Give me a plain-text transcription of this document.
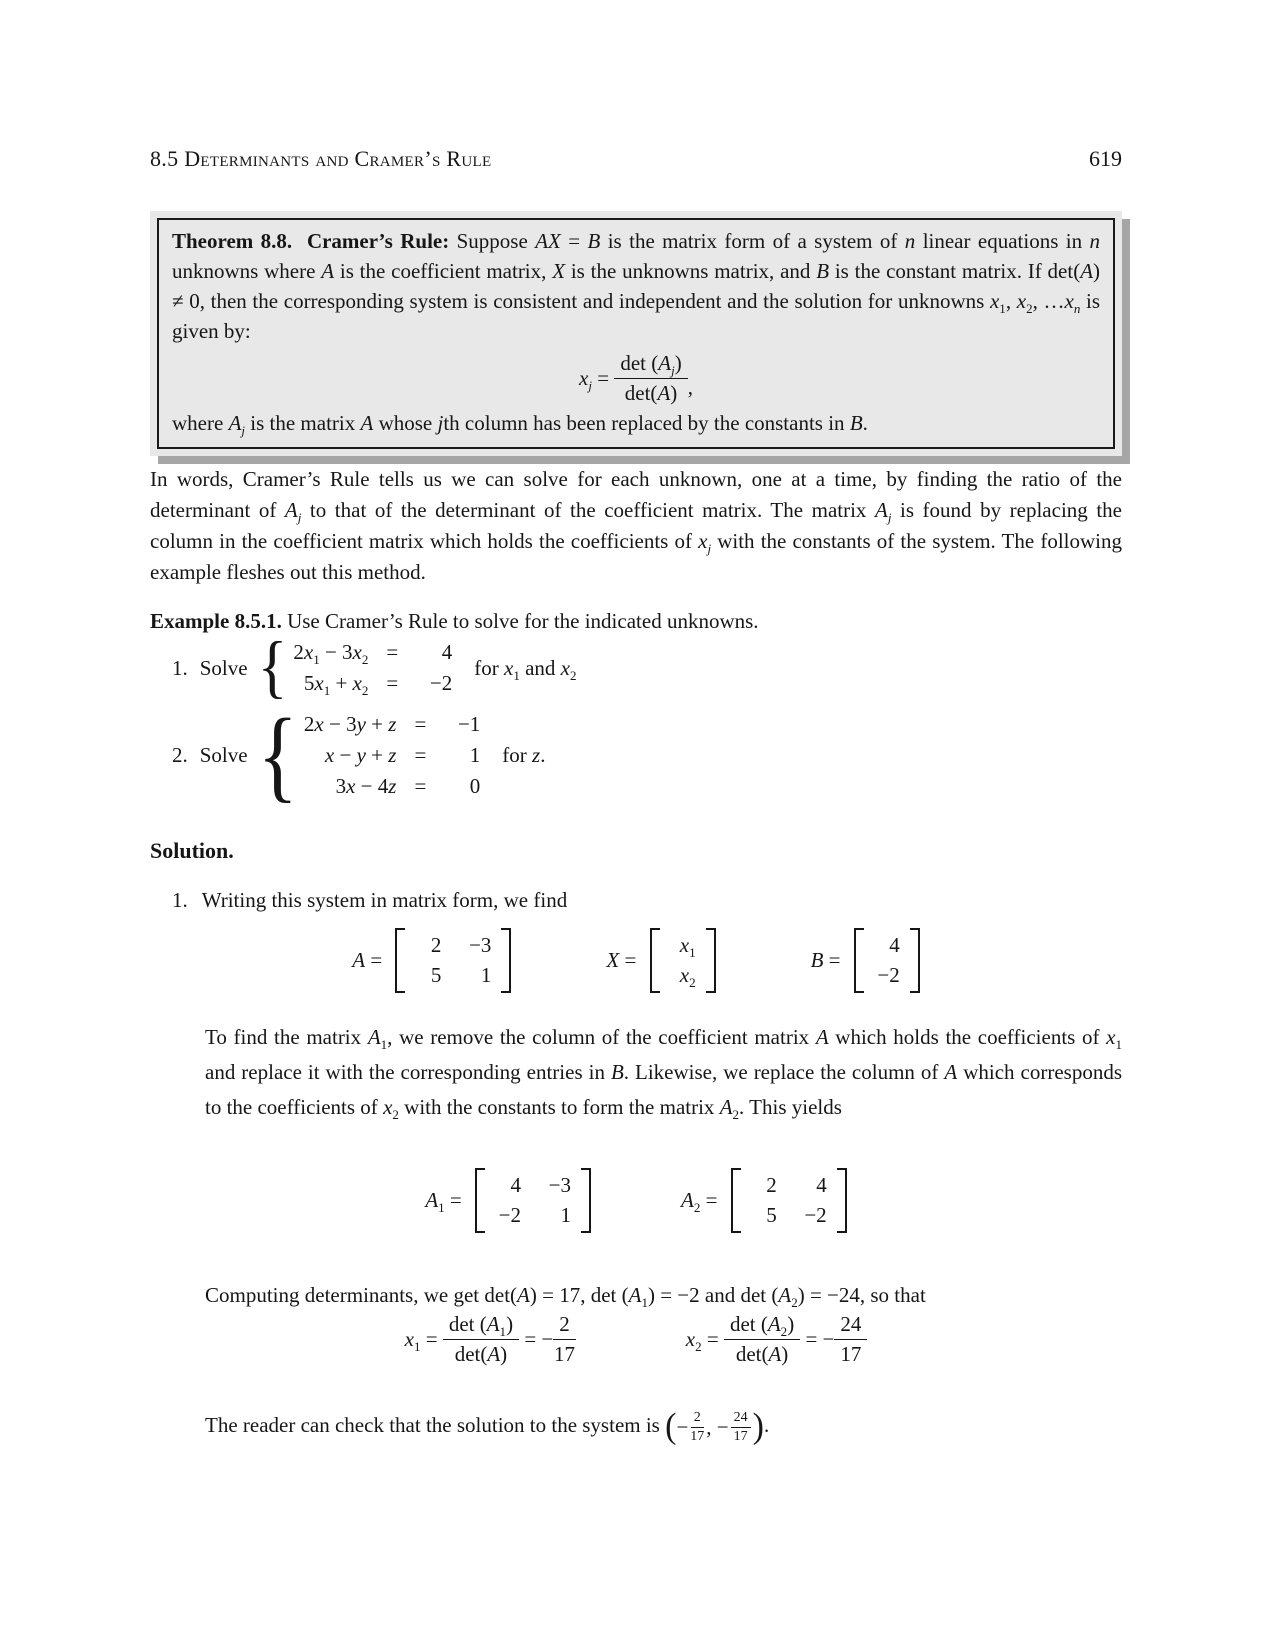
8.5 Determinants and Cramer’s Rule	619
Theorem 8.8.  Cramer’s Rule: Suppose AX = B is the matrix form of a system of n linear equations in n unknowns where A is the coefficient matrix, X is the unknowns matrix, and B is the constant matrix. If det(A) ≠ 0, then the corresponding system is consistent and independent and the solution for unknowns $x_1$, $x_2$, $\dots x_n$ is given by:
$x_j = \frac{\det (A_j)}{\det(A)}$ ,
where $A_j$ is the matrix A whose jth column has been replaced by the constants in B.
In words, Cramer’s Rule tells us we can solve for each unknown, one at a time, by finding the ratio of the determinant of $A_j$ to that of the determinant of the coefficient matrix. The matrix $A_j$ is found by replacing the column in the coefficient matrix which holds the coefficients of $x_j$ with the constants of the system. The following example fleshes out this method.
Example 8.5.1. Use Cramer’s Rule to solve for the indicated unknowns.
1. Solve { $2x_1 - 3x_2$ =	4
$5x_1 + x_2$ =	−2
for $x_1$ and $x_2$
2. Solve { 2x − 3y + z =	−1
x − y + z =	1
3x − 4z =	0
for z.
Solution.
1. Writing this system in matrix form, we find
A =
2 −3
5	1
X =
$x_1$
$x_2$
B =
4
−2
To find the matrix $A_1$, we remove the column of the coefficient matrix A which holds the coefficients of $x_1$ and replace it with the corresponding entries in B. Likewise, we replace the column of A which corresponds to the coefficients of $x_2$ with the constants to form the matrix $A_2$. This yields
$A_1$ =
4 −3
−2	1
$A_2$ =
2	4
5 −2
Computing determinants, we get det(A) = 17, $\det (A_1) = -2$ and $\det (A_2) = -24$, so that
$x_1 = \frac{\det (A_1)}{\det(A)}$ = − $\frac{2}{17}$	$x_2 = \frac{\det (A_2)}{\det(A)}$ = − $\frac{24}{17}$
The reader can check that the solution to the system is ( − $\frac{2}{17}$ , − $\frac{24}{17}$ ) .
